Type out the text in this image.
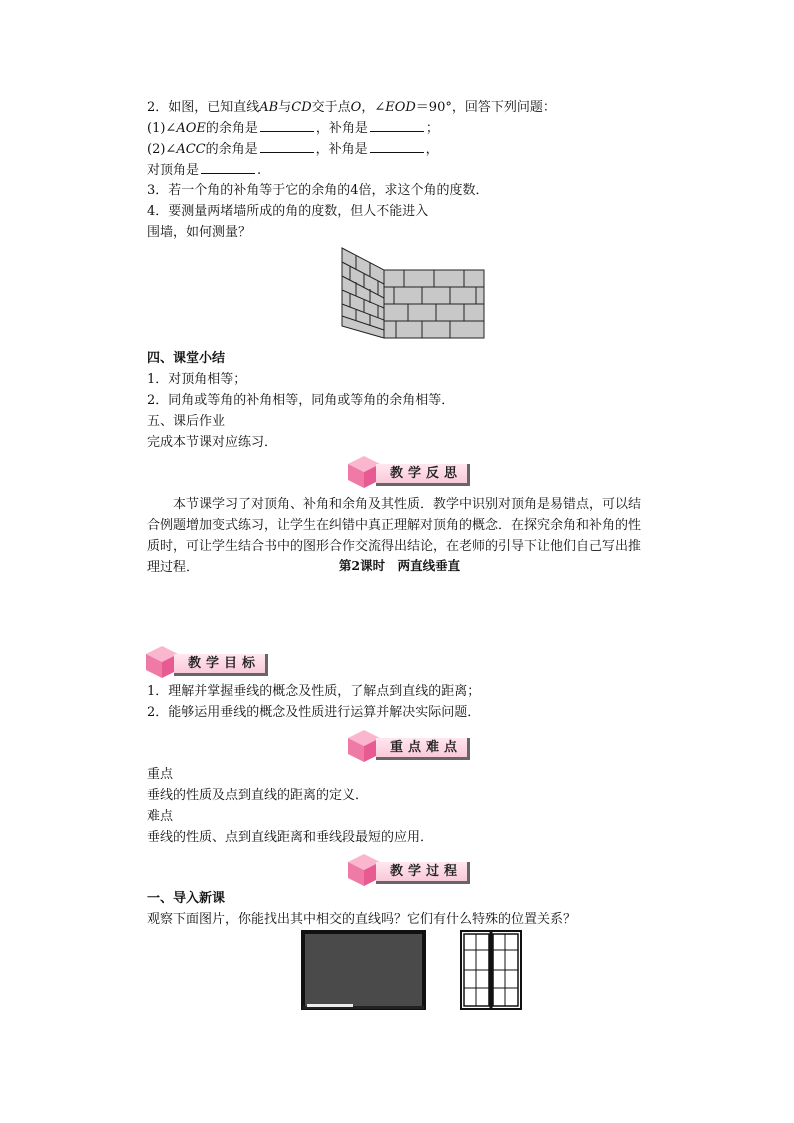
2．如图，已知直线AB与CD交于点O，∠EOD＝90°，回答下列问题：
(1)∠AOE的余角是	，补角是	；
(2)∠ACC的余角是	，补角是	，
对顶角是	.
3．若一个角的补角等于它的余角的4倍，求这个角的度数．
4．要测量两堵墙所成的角的度数，但人不能进入
围墙，如何测量？
四、课堂小结
1．对顶角相等；
2．同角或等角的补角相等，同角或等角的余角相等．
五、课后作业
完成本节课对应练习．
教学反思
本节课学习了对顶角、补角和余角及其性质．教学中识别对顶角是易错点，可以结合例题增加变式练习，让学生在纠错中真正理解对顶角的概念．在探究余角和补角的性质时，可让学生结合书中的图形合作交流得出结论，在老师的引导下让他们自己写出推理过程．	第2课时　两直线垂直
教学目标
1．理解并掌握垂线的概念及性质，了解点到直线的距离；
2．能够运用垂线的概念及性质进行运算并解决实际问题．
重点难点
重点
垂线的性质及点到直线的距离的定义．
难点
垂线的性质、点到直线距离和垂线段最短的应用．
教学过程
一、导入新课
观察下面图片，你能找出其中相交的直线吗？它们有什么特殊的位置关系？
